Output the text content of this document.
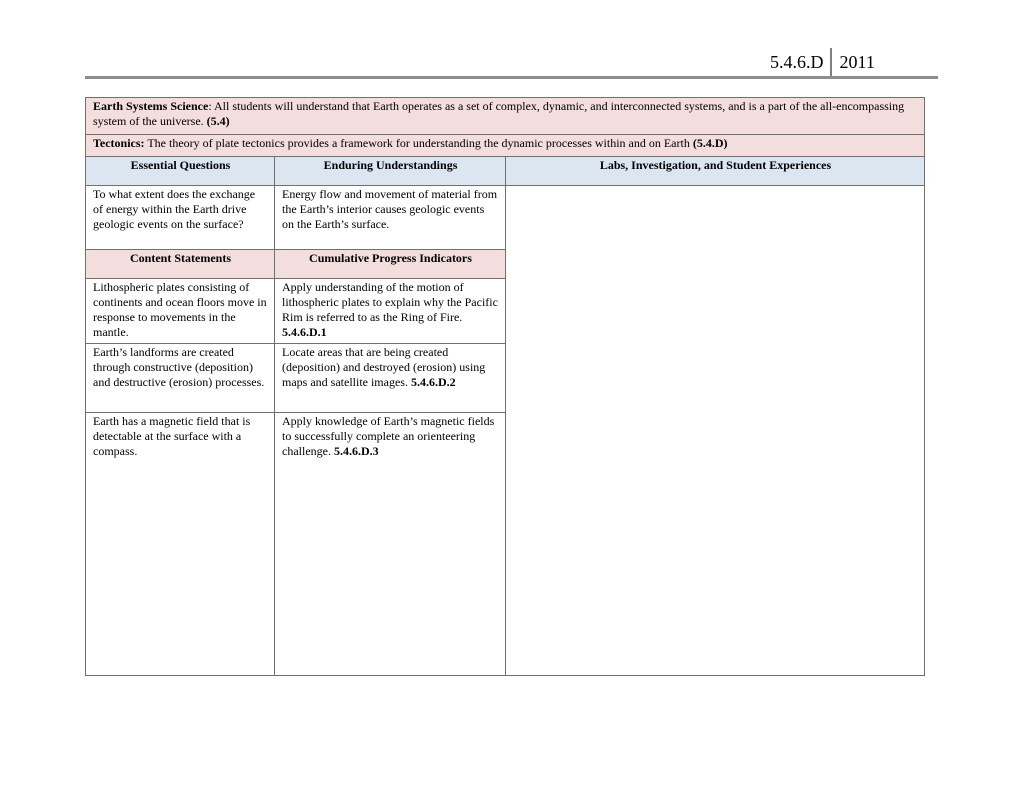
5.4.6.D 2011
Earth Systems Science: All students will understand that Earth operates as a set of complex, dynamic, and interconnected systems, and is a part of the all-encompassing system of the universe. (5.4)		
Tectonics: The theory of plate tectonics provides a framework for understanding the dynamic processes within and on Earth (5.4.D)		
Essential Questions	Enduring Understandings	Labs, Investigation, and Student Experiences
To what extent does the exchange of energy within the Earth drive geologic events on the surface?	Energy flow and movement of material from the Earth’s interior causes geologic events on the Earth’s surface.	
Content Statements	Cumulative Progress Indicators	
Lithospheric plates consisting of continents and ocean floors move in response to movements in the mantle.	Apply understanding of the motion of lithospheric plates to explain why the Pacific Rim is referred to as the Ring of Fire. 5.4.6.D.1	
Earth’s landforms are created through constructive (deposition) and destructive (erosion) processes.	Locate areas that are being created (deposition) and destroyed (erosion) using maps and satellite images. 5.4.6.D.2	
Earth has a magnetic field that is detectable at the surface with a compass.	Apply knowledge of Earth’s magnetic fields to successfully complete an orienteering challenge. 5.4.6.D.3	
